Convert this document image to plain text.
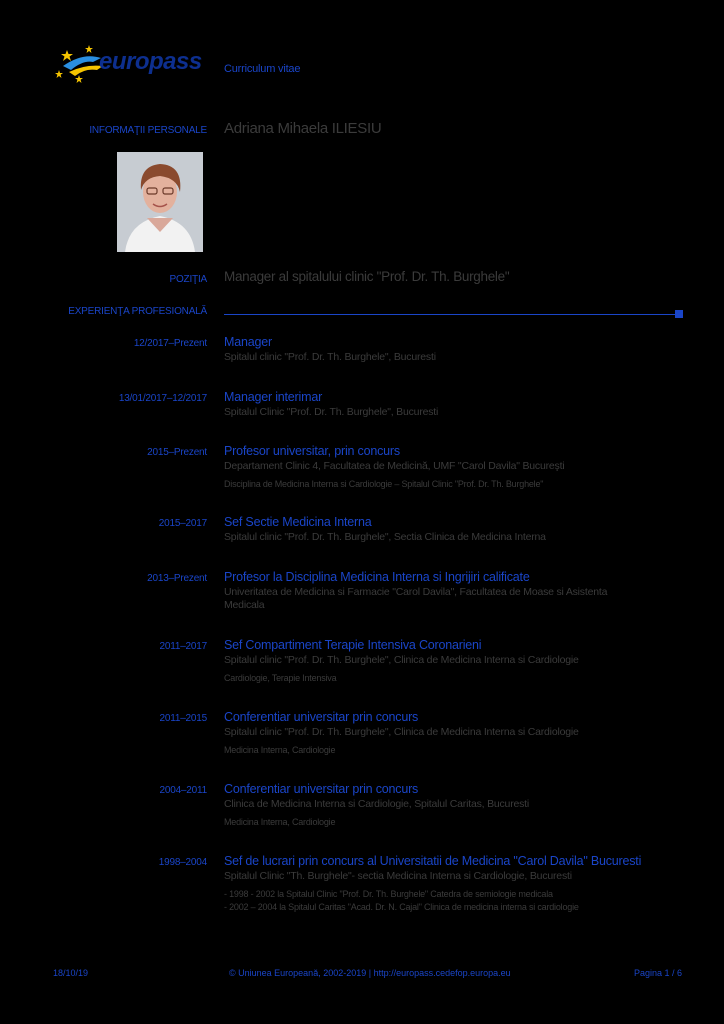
europass Curriculum vitae
INFORMAŢII PERSONALE Adriana Mihaela ILIESIU
POZIŢIA Manager al spitalului clinic "Prof. Dr. Th. Burghele"
EXPERIENŢA PROFESIONALĂ
12/2017–Prezent Manager
Spitalul clinic "Prof. Dr. Th. Burghele", Bucuresti
13/01/2017–12/2017 Manager interimar
Spitalul Clinic "Prof. Dr. Th. Burghele", Bucuresti
2015–Prezent Profesor universitar, prin concurs
Departament Clinic 4, Facultatea de Medicină, UMF "Carol Davila" Bucureşti
Disciplina de Medicina Interna si Cardiologie – Spitalul Clinic "Prof. Dr. Th. Burghele"
2015–2017 Sef Sectie Medicina Interna
Spitalul clinic "Prof. Dr. Th. Burghele", Sectia Clinica de Medicina Interna
2013–Prezent Profesor la Disciplina Medicina Interna si Ingrijiri calificate
Univeritatea de Medicina si Farmacie "Carol Davila", Facultatea de Moase si Asistenta
Medicala
2011–2017 Sef Compartiment Terapie Intensiva Coronarieni
Spitalul clinic "Prof. Dr. Th. Burghele", Clinica de Medicina Interna si Cardiologie
Cardiologie, Terapie Intensiva
2011–2015 Conferentiar universitar prin concurs
Spitalul clinic "Prof. Dr. Th. Burghele", Clinica de Medicina Interna si Cardiologie
Medicina Interna, Cardiologie
2004–2011 Conferentiar universitar prin concurs
Clinica de Medicina Interna si Cardiologie, Spitalul Caritas, Bucuresti
Medicina Interna, Cardiologie
1998–2004 Sef de lucrari prin concurs al Universitatii de Medicina "Carol Davila" Bucuresti
Spitalul Clinic "Th. Burghele"- sectia Medicina Interna si Cardiologie, Bucuresti
- 1998 - 2002 la Spitalul Clinic "Prof. Dr. Th. Burghele" Catedra de semiologie medicala
- 2002 – 2004 la Spitalul Caritas "Acad. Dr. N. Cajal" Clinica de medicina interna si cardiologie
18/10/19	© Uniunea Europeană, 2002-2019 | http://europass.cedefop.europa.eu	Pagina 1 / 6
